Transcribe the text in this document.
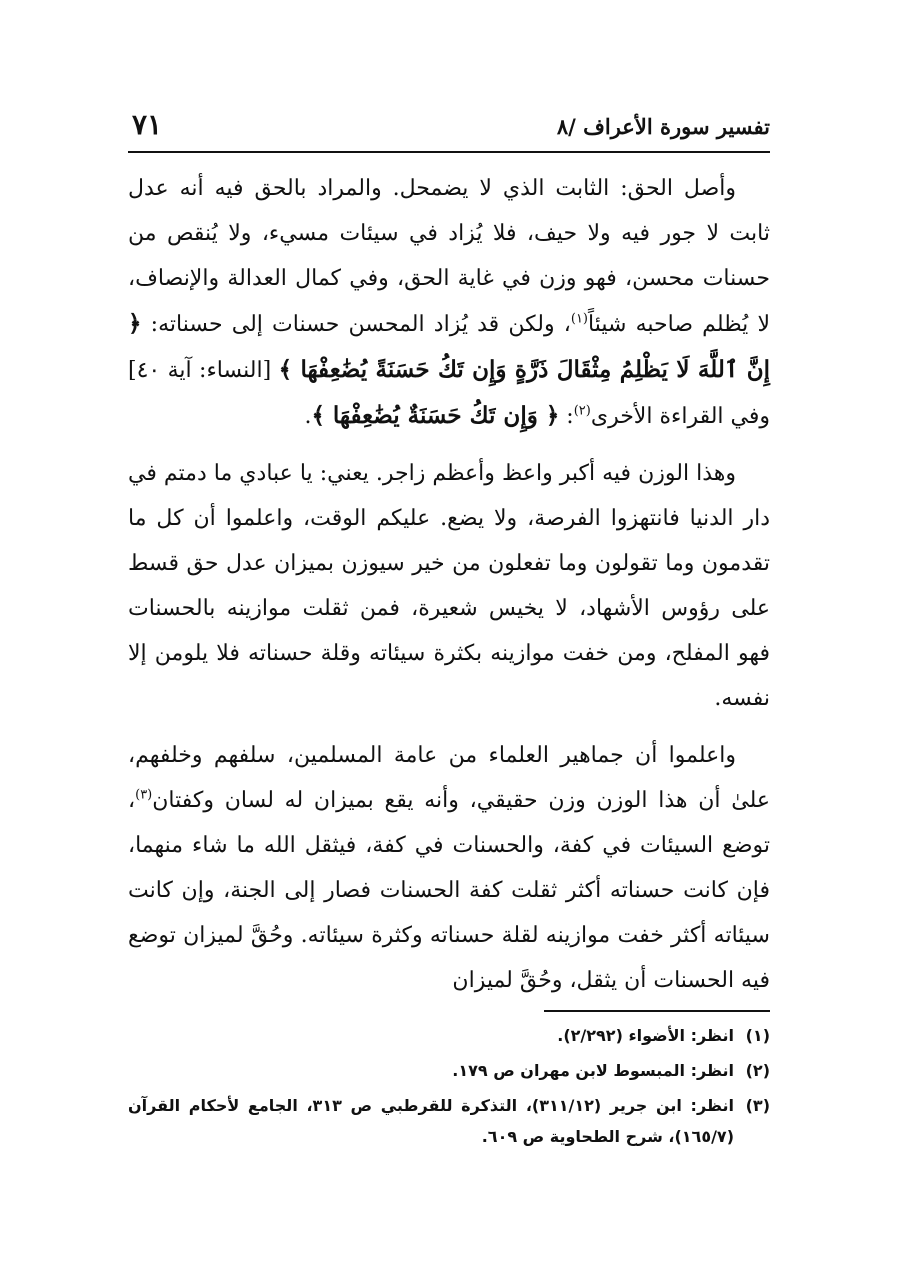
تفسير سورة الأعراف /٨
٧١

وأصل الحق: الثابت الذي لا يضمحل. والمراد بالحق فيه أنه عدل ثابت لا جور فيه ولا حيف، فلا يُزاد في سيئات مسيء، ولا يُنقص من حسنات محسن، فهو وزن في غاية الحق، وفي كمال العدالة والإنصاف، لا يُظلم صاحبه شيئاً$^{(١)}$، ولكن قد يُزاد المحسن حسنات إلى حسناته: ﴿ إِنَّ ٱللَّهَ لَا يَظْلِمُ مِثْقَالَ ذَرَّةٍ وَإِن تَكُ حَسَنَةً يُضَٰعِفْهَا ﴾ [النساء: آية ٤٠] وفي القراءة الأخرى$^{(٢)}$: ﴿ وَإِن تَكُ حَسَنَةٌ يُضَٰعِفْهَا ﴾.

وهذا الوزن فيه أكبر واعظ وأعظم زاجر. يعني: يا عبادي ما دمتم في دار الدنيا فانتهزوا الفرصة، ولا يضع. عليكم الوقت، واعلموا أن كل ما تقدمون وما تقولون وما تفعلون من خير سيوزن بميزان عدل حق قسط على رؤوس الأشهاد، لا يخيس شعيرة، فمن ثقلت موازينه بالحسنات فهو المفلح، ومن خفت موازينه بكثرة سيئاته وقلة حسناته فلا يلومن إلا نفسه.

واعلموا أن جماهير العلماء من عامة المسلمين، سلفهم وخلفهم، علىٰ أن هذا الوزن وزن حقيقي، وأنه يقع بميزان له لسان وكفتان$^{(٣)}$، توضع السيئات في كفة، والحسنات في كفة، فيثقل الله ما شاء منهما، فإن كانت حسناته أكثر ثقلت كفة الحسنات فصار إلى الجنة، وإن كانت سيئاته أكثر خفت موازينه لقلة حسناته وكثرة سيئاته. وحُقَّ لميزان توضع فيه الحسنات أن يثقل، وحُقَّ لميزان

(١)
انظر: الأضواء (٢/٢٩٢).
(٢)
انظر: المبسوط لابن مهران ص ١٧٩.
(٣)
انظر: ابن جرير (٣١١/١٢)، التذكرة للقرطبي ص ٣١٣، الجامع لأحكام القرآن (١٦٥/٧)، شرح الطحاوية ص ٦٠٩.
